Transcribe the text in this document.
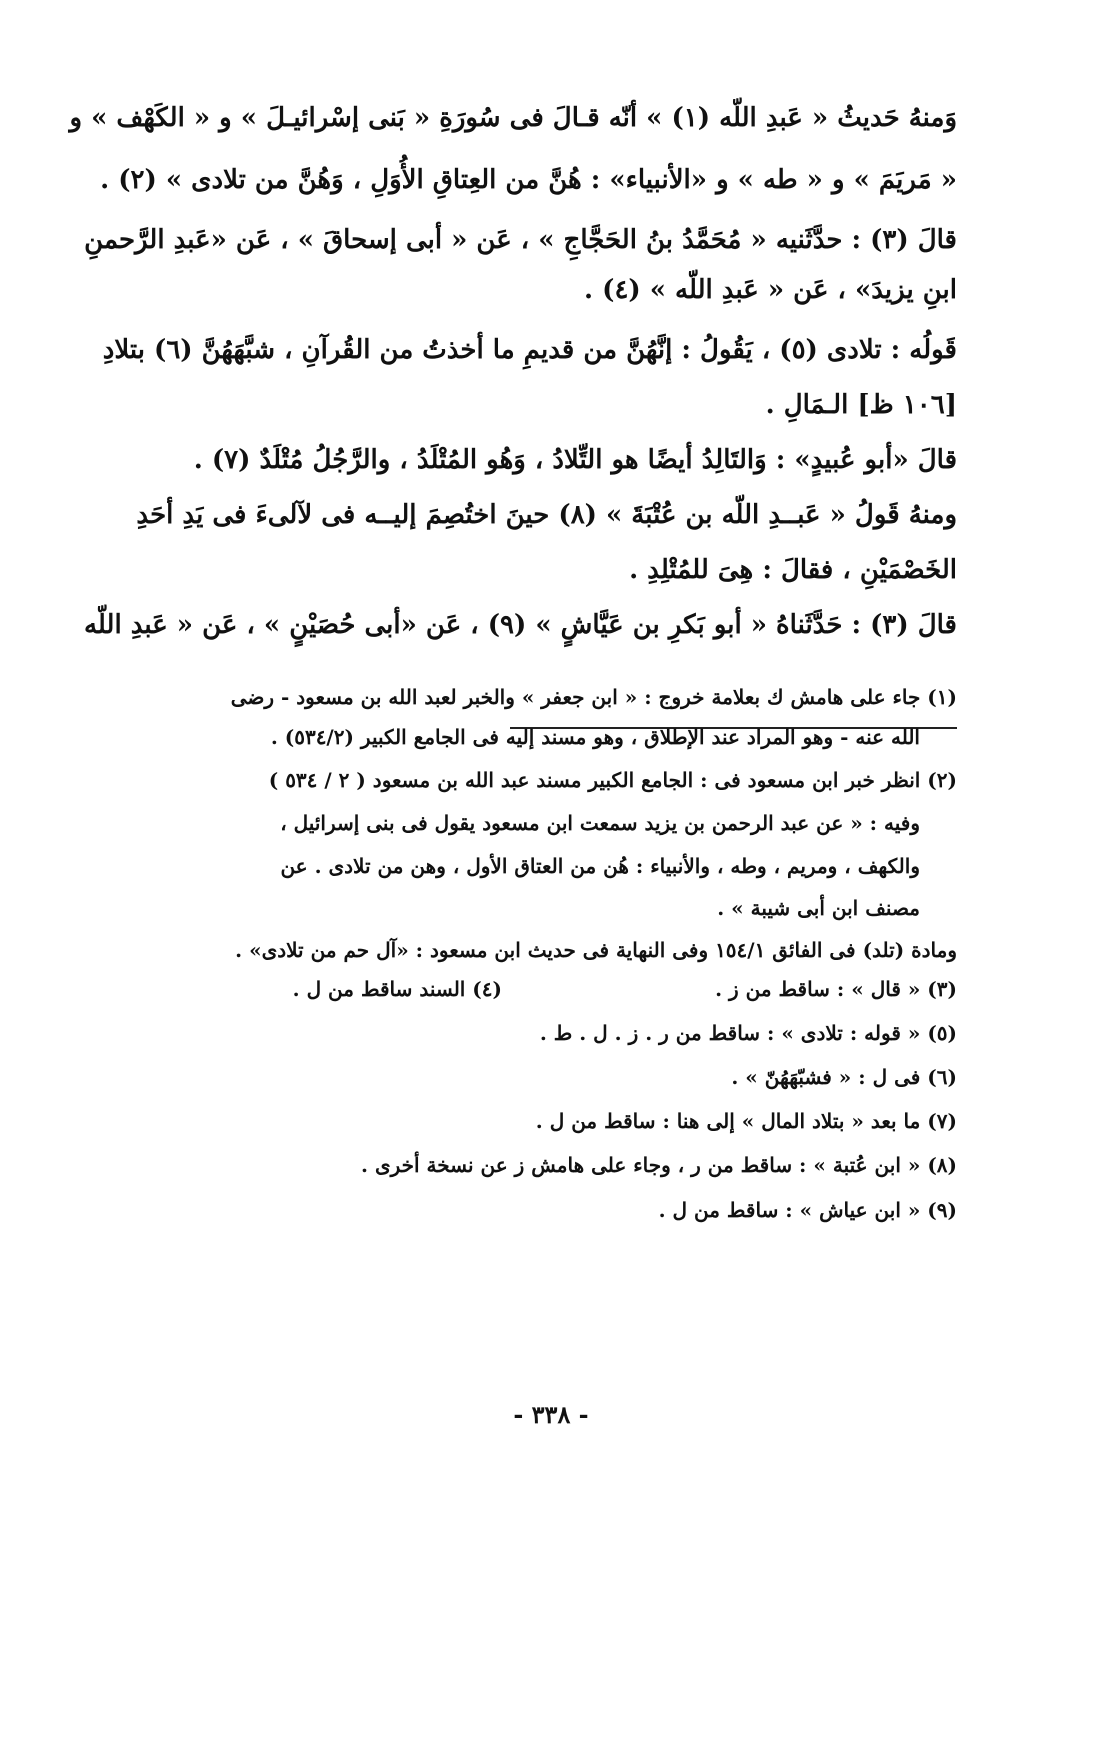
وَمنهُ حَديثُ « عَبدِ اللّه (١) » أنّه قـالَ فى سُورَةِ « بَنى إسْرائيـلَ » و « الكَهْف » و
« مَريَمَ » و « طه » و «الأنبياء» : هُنَّ من العِتاقِ الأُوَلِ ، وَهُنَّ من تلادى » (٢) .
قالَ (٣) : حدَّثَنيه « مُحَمَّدُ بنُ الحَجَّاجِ » ، عَن « أبى إسحاقَ » ، عَن «عَبدِ الرَّحمنِ
ابنِ يزيدَ» ، عَن « عَبدِ اللّه » (٤) .
قَولُه : تلادى (٥) ، يَقُولُ : إنَّهُنَّ من قديمِ ما أخذتُ من القُرآنِ ، شبَّهَهُنَّ (٦) بتلادِ
[١٠٦ ظ] الـمَالِ .
قالَ «أبو عُبيدٍ» : وَالتَالِدُ أيضًا هو التِّلادُ ، وَهُو المُتْلَدُ ، والرَّجُلُ مُتْلَدٌ (٧) .
ومنهُ قَولُ « عَبــدِ اللّه بن عُتْبَةَ » (٨) حينَ اختُصِمَ إليــه فى لآلىءَ فى يَدِ أحَدِ
الخَصْمَيْنِ ، فقالَ : هِىَ للمُتْلِدِ .
قالَ (٣) : حَدَّثَناهُ « أبو بَكرِ بن عَيَّاشٍ » (٩) ، عَن «أبى حُصَيْنٍ » ، عَن « عَبدِ اللّه
(١) جاء على هامش ك بعلامة خروج : « ابن جعفر » والخبر لعبد الله بن مسعود - رضى
الله عنه - وهو المراد عند الإطلاق ، وهو مسند إليه فى الجامع الكبير (٥٣٤/٢) .
(٢) انظر خبر ابن مسعود فى : الجامع الكبير مسند عبد الله بن مسعود ( ٢ / ٥٣٤ )
وفيه : « عن عبد الرحمن بن يزيد سمعت ابن مسعود يقول فى بنى إسرائيل ،
والكهف ، ومريم ، وطه ، والأنبياء : هُن من العتاق الأول ، وهن من تلادى . عن
مصنف ابن أبى شيبة » .
ومادة (تلد) فى الفائق ١٥٤/١ وفى النهاية فى حديث ابن مسعود : «آل حم من تلادى» .
(٣) « قال » : ساقط من ز .
(٤) السند ساقط من ل .
(٥) « قوله : تلادى » : ساقط من ر . ز . ل . ط .
(٦) فى ل : « فشبّهَهُنّ » .
(٧) ما بعد « بتلاد المال » إلى هنا : ساقط من ل .
(٨) « ابن عُتبة » : ساقط من ر ، وجاء على هامش ز عن نسخة أخرى .
(٩) « ابن عياش » : ساقط من ل .
- ٣٣٨ -
